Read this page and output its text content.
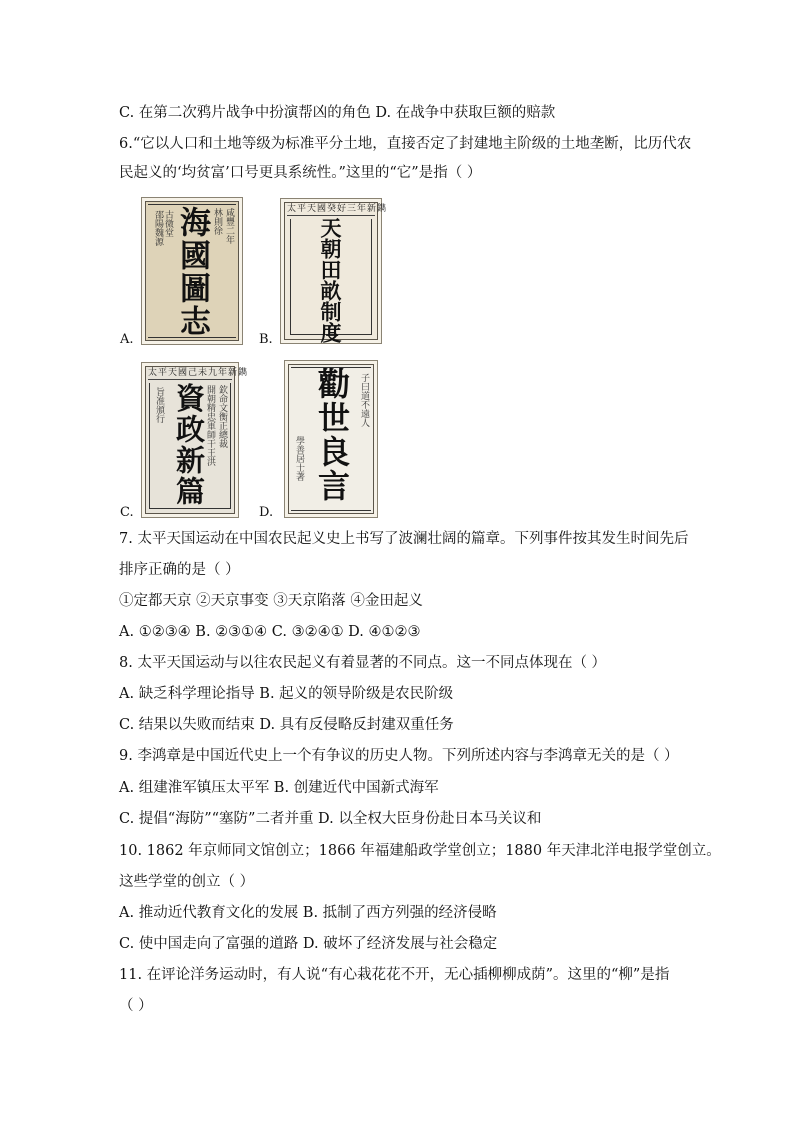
C. 在第二次鸦片战争中扮演帮凶的角色 D. 在战争中获取巨额的赔款
6.“它以人口和土地等级为标准平分土地，直接否定了封建地主阶级的土地垄断，比历代农
民起义的‘均贫富’口号更具系统性。”这里的“它”是指（ ）
咸豐二年
林則徐
海國圖志
邵陽魏源 古微堂
A.
太平天國癸好三年新鐫
天朝田畝制度
B.
太平天國己未九年新鐫
欽命文衡正總裁
開朝精忠軍師干王洪
資政新篇
旨准頒行
C.
子曰道不遠人
勸世良言
學善居士著
D.
7. 太平天国运动在中国农民起义史上书写了波澜壮阔的篇章。下列事件按其发生时间先后
排序正确的是（ ）
①定都天京 ②天京事变 ③天京陷落 ④金田起义
A. ①②③④ B. ②③①④ C. ③②④① D. ④①②③
8. 太平天国运动与以往农民起义有着显著的不同点。这一不同点体现在（ ）
A. 缺乏科学理论指导 B. 起义的领导阶级是农民阶级
C. 结果以失败而结束 D. 具有反侵略反封建双重任务
9. 李鸿章是中国近代史上一个有争议的历史人物。下列所述内容与李鸿章无关的是（ ）
A. 组建淮军镇压太平军 B. 创建近代中国新式海军
C. 提倡“海防”“塞防”二者并重 D. 以全权大臣身份赴日本马关议和
10. 1862 年京师同文馆创立；1866 年福建船政学堂创立；1880 年天津北洋电报学堂创立。
这些学堂的创立（ ）
A. 推动近代教育文化的发展 B. 抵制了西方列强的经济侵略
C. 使中国走向了富强的道路 D. 破坏了经济发展与社会稳定
11. 在评论洋务运动时，有人说“有心栽花花不开，无心插柳柳成荫”。这里的“柳”是指
（ ）
